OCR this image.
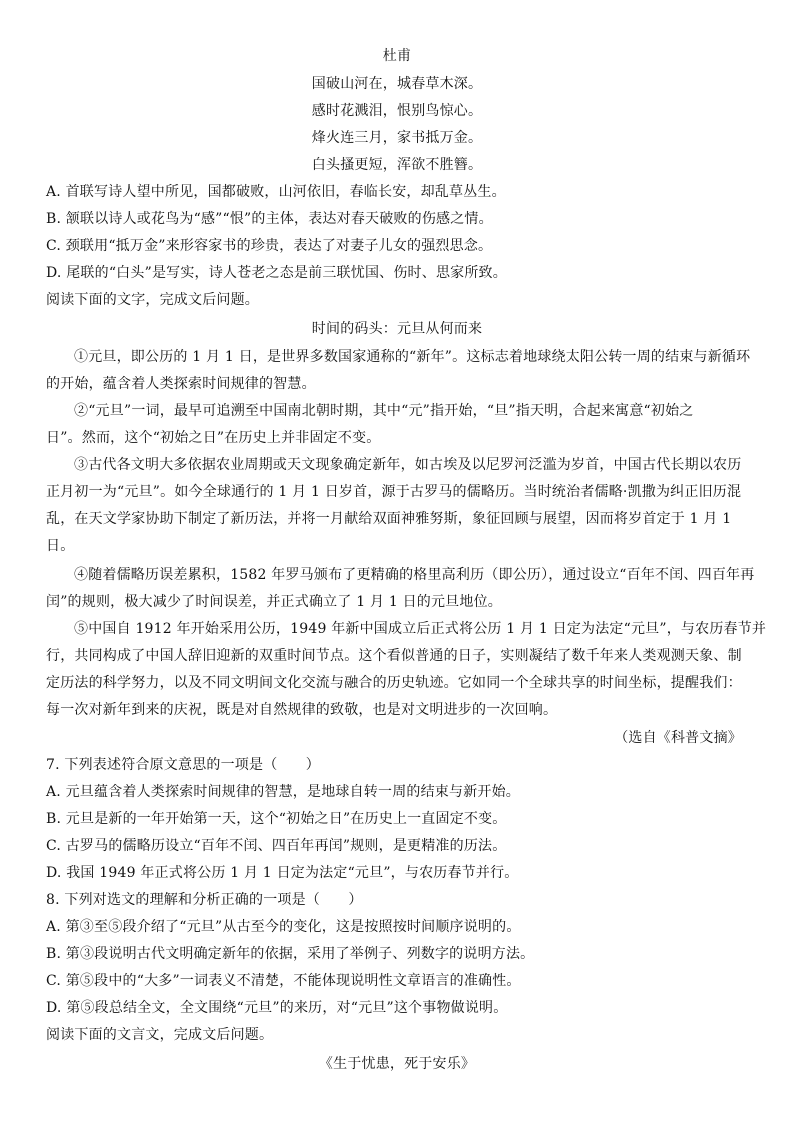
杜甫
国破山河在，城春草木深。
感时花溅泪，恨别鸟惊心。
烽火连三月，家书抵万金。
白头搔更短，浑欲不胜簪。
A. 首联写诗人望中所见，国都破败，山河依旧，春临长安，却乱草丛生。
B. 颔联以诗人或花鸟为“感”“恨”的主体，表达对春天破败的伤感之情。
C. 颈联用“抵万金”来形容家书的珍贵，表达了对妻子儿女的强烈思念。
D. 尾联的“白头”是写实，诗人苍老之态是前三联忧国、伤时、思家所致。
阅读下面的文字，完成文后问题。
时间的码头：元旦从何而来
①元旦，即公历的 1 月 1 日，是世界多数国家通称的“新年”。这标志着地球绕太阳公转一周的结束与新循环
的开始，蕴含着人类探索时间规律的智慧。
②“元旦”一词，最早可追溯至中国南北朝时期，其中“元”指开始，“旦”指天明，合起来寓意“初始之
日”。然而，这个“初始之日”在历史上并非固定不变。
③古代各文明大多依据农业周期或天文现象确定新年，如古埃及以尼罗河泛滥为岁首，中国古代长期以农历
正月初一为“元旦”。如今全球通行的 1 月 1 日岁首，源于古罗马的儒略历。当时统治者儒略·凯撒为纠正旧历混
乱，在天文学家协助下制定了新历法，并将一月献给双面神雅努斯，象征回顾与展望，因而将岁首定于 1 月 1
日。
④随着儒略历误差累积，1582 年罗马颁布了更精确的格里高利历（即公历），通过设立“百年不闰、四百年再
闰”的规则，极大减少了时间误差，并正式确立了 1 月 1 日的元旦地位。
⑤中国自 1912 年开始采用公历，1949 年新中国成立后正式将公历 1 月 1 日定为法定“元旦”，与农历春节并
行，共同构成了中国人辞旧迎新的双重时间节点。这个看似普通的日子，实则凝结了数千年来人类观测天象、制
定历法的科学努力，以及不同文明间文化交流与融合的历史轨迹。它如同一个全球共享的时间坐标，提醒我们：
每一次对新年到来的庆祝，既是对自然规律的致敬，也是对文明进步的一次回响。
（选自《科普文摘》
7. 下列表述符合原文意思的一项是（　　）
A. 元旦蕴含着人类探索时间规律的智慧，是地球自转一周的结束与新开始。
B. 元旦是新的一年开始第一天，这个“初始之日”在历史上一直固定不变。
C. 古罗马的儒略历设立“百年不闰、四百年再闰”规则，是更精准的历法。
D. 我国 1949 年正式将公历 1 月 1 日定为法定“元旦”，与农历春节并行。
8. 下列对选文的理解和分析正确的一项是（　　）
A. 第③至⑤段介绍了“元旦”从古至今的变化，这是按照按时间顺序说明的。
B. 第③段说明古代文明确定新年的依据，采用了举例子、列数字的说明方法。
C. 第⑤段中的“大多”一词表义不清楚，不能体现说明性文章语言的准确性。
D. 第⑤段总结全文，全文围绕“元旦”的来历，对“元旦”这个事物做说明。
阅读下面的文言文，完成文后问题。
《生于忧患，死于安乐》
